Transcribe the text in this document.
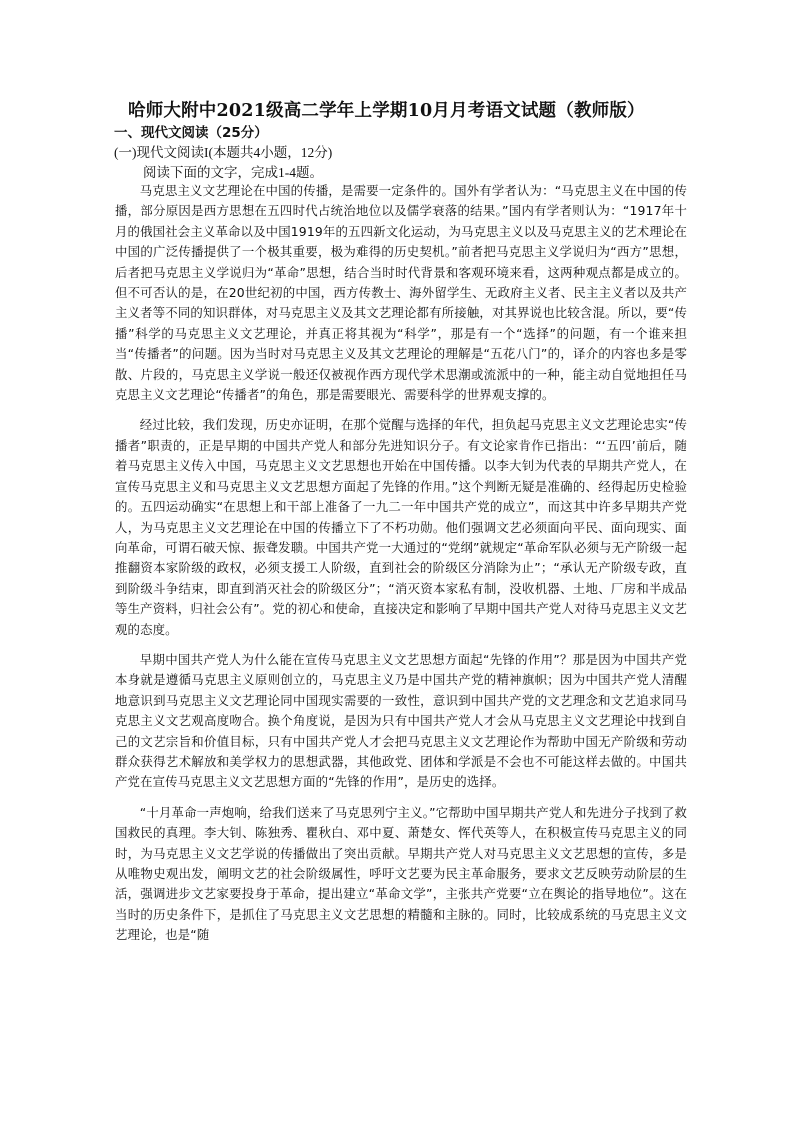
哈师大附中2021级高二学年上学期10月月考语文试题（教师版）
一、现代文阅读（25分）
(一)现代文阅读I(本题共4小题，12分)
阅读下面的文字，完成1-4题。

马克思主义文艺理论在中国的传播，是需要一定条件的。国外有学者认为：“马克思主义在中国的传播，部分原因是西方思想在五四时代占统治地位以及儒学衰落的结果。”国内有学者则认为：“1917年十月的俄国社会主义革命以及中国1919年的五四新文化运动，为马克思主义以及马克思主义的艺术理论在中国的广泛传播提供了一个极其重要，极为难得的历史契机。”前者把马克思主义学说归为“西方”思想，后者把马克思主义学说归为“革命”思想，结合当时时代背景和客观环境来看，这两种观点都是成立的。但不可否认的是，在20世纪初的中国，西方传教士、海外留学生、无政府主义者、民主主义者以及共产主义者等不同的知识群体，对马克思主义及其文艺理论都有所接触，对其界说也比较含混。所以，要“传播”科学的马克思主义文艺理论，并真正将其视为“科学”，那是有一个“选择”的问题，有一个谁来担当“传播者”的问题。因为当时对马克思主义及其文艺理论的理解是“五花八门”的，译介的内容也多是零散、片段的，马克思主义学说一般还仅被视作西方现代学术思潮或流派中的一种，能主动自觉地担任马克思主义文艺理论“传播者”的角色，那是需要眼光、需要科学的世界观支撑的。

经过比较，我们发现，历史亦证明，在那个觉醒与选择的年代，担负起马克思主义文艺理论忠实“传播者”职责的，正是早期的中国共产党人和部分先进知识分子。有文论家肯作已指出：“‘五四’前后，随着马克思主义传入中国，马克思主义文艺思想也开始在中国传播。以李大钊为代表的早期共产党人，在宣传马克思主义和马克思主义文艺思想方面起了先锋的作用。”这个判断无疑是准确的、经得起历史检验的。五四运动确实“在思想上和干部上准备了一九二一年中国共产党的成立”，而这其中许多早期共产党人，为马克思主义文艺理论在中国的传播立下了不朽功勋。他们强调文艺必须面向平民、面向现实、面向革命，可谓石破天惊、振聋发聩。中国共产党一大通过的“党纲”就规定“革命军队必须与无产阶级一起推翻资本家阶级的政权，必须支援工人阶级，直到社会的阶级区分消除为止”；“承认无产阶级专政，直到阶级斗争结束，即直到消灭社会的阶级区分”；“消灭资本家私有制，没收机器、土地、厂房和半成品等生产资料，归社会公有”。党的初心和使命，直接决定和影响了早期中国共产党人对待马克思主义文艺观的态度。

早期中国共产党人为什么能在宣传马克思主义文艺思想方面起“先锋的作用”？那是因为中国共产党本身就是遵循马克思主义原则创立的，马克思主义乃是中国共产党的精神旗帜；因为中国共产党人清醒地意识到马克思主义文艺理论同中国现实需要的一致性，意识到中国共产党的文艺理念和文艺追求同马克思主义文艺观高度吻合。换个角度说，是因为只有中国共产党人才会从马克思主义文艺理论中找到自己的文艺宗旨和价值目标，只有中国共产党人才会把马克思主义文艺理论作为帮助中国无产阶级和劳动群众获得艺术解放和美学权力的思想武器，其他政党、团体和学派是不会也不可能这样去做的。中国共产党在宣传马克思主义文艺思想方面的“先锋的作用”，是历史的选择。

“十月革命一声炮响，给我们送来了马克思列宁主义。”它帮助中国早期共产党人和先进分子找到了救国救民的真理。李大钊、陈独秀、瞿秋白、邓中夏、萧楚女、恽代英等人，在积极宣传马克思主义的同时，为马克思主义文艺学说的传播做出了突出贡献。早期共产党人对马克思主义文艺思想的宣传，多是从唯物史观出发，阐明文艺的社会阶级属性，呼吁文艺要为民主革命服务，要求文艺反映劳动阶层的生活，强调进步文艺家要投身于革命，提出建立“革命文学”，主张共产党要“立在舆论的指导地位”。这在当时的历史条件下，是抓住了马克思主义文艺思想的精髓和主脉的。同时，比较成系统的马克思主义文艺理论，也是“随
